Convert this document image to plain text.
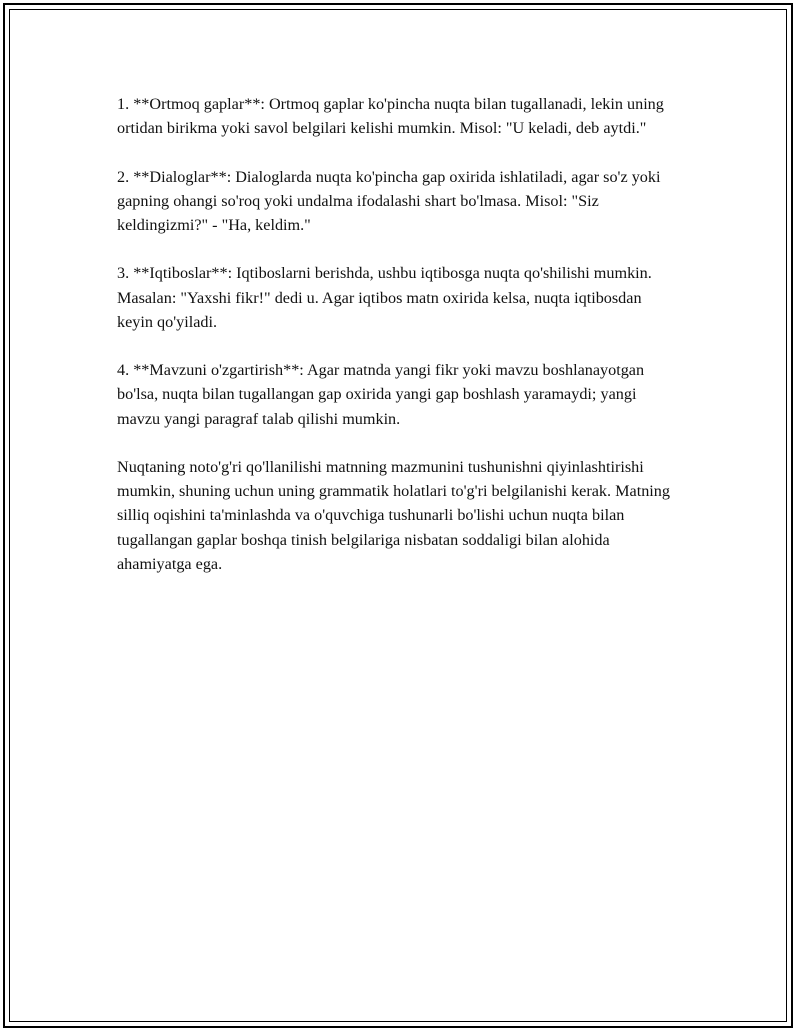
1. **Ortmoq gaplar**: Ortmoq gaplar ko'pincha nuqta bilan tugallanadi, lekin uning ortidan birikma yoki savol belgilari kelishi mumkin. Misol: "U keladi, deb aytdi."

2. **Dialoglar**: Dialoglarda nuqta ko'pincha gap oxirida ishlatiladi, agar so'z yoki gapning ohangi so'roq yoki undalma ifodalashi shart bo'lmasa. Misol: "Siz keldingizmi?" - "Ha, keldim."

3. **Iqtiboslar**: Iqtiboslarni berishda, ushbu iqtibosga nuqta qo'shilishi mumkin. Masalan: "Yaxshi fikr!" dedi u. Agar iqtibos matn oxirida kelsa, nuqta iqtibosdan keyin qo'yiladi.

4. **Mavzuni o'zgartirish**: Agar matnda yangi fikr yoki mavzu boshlanayotgan bo'lsa, nuqta bilan tugallangan gap oxirida yangi gap boshlash yaramaydi; yangi mavzu yangi paragraf talab qilishi mumkin.

Nuqtaning noto'g'ri qo'llanilishi matnning mazmunini tushunishni qiyinlashtirishi mumkin, shuning uchun uning grammatik holatlari to'g'ri belgilanishi kerak. Matning silliq oqishini ta'minlashda va o'quvchiga tushunarli bo'lishi uchun nuqta bilan tugallangan gaplar boshqa tinish belgilariga nisbatan soddaligi bilan alohida ahamiyatga ega.
